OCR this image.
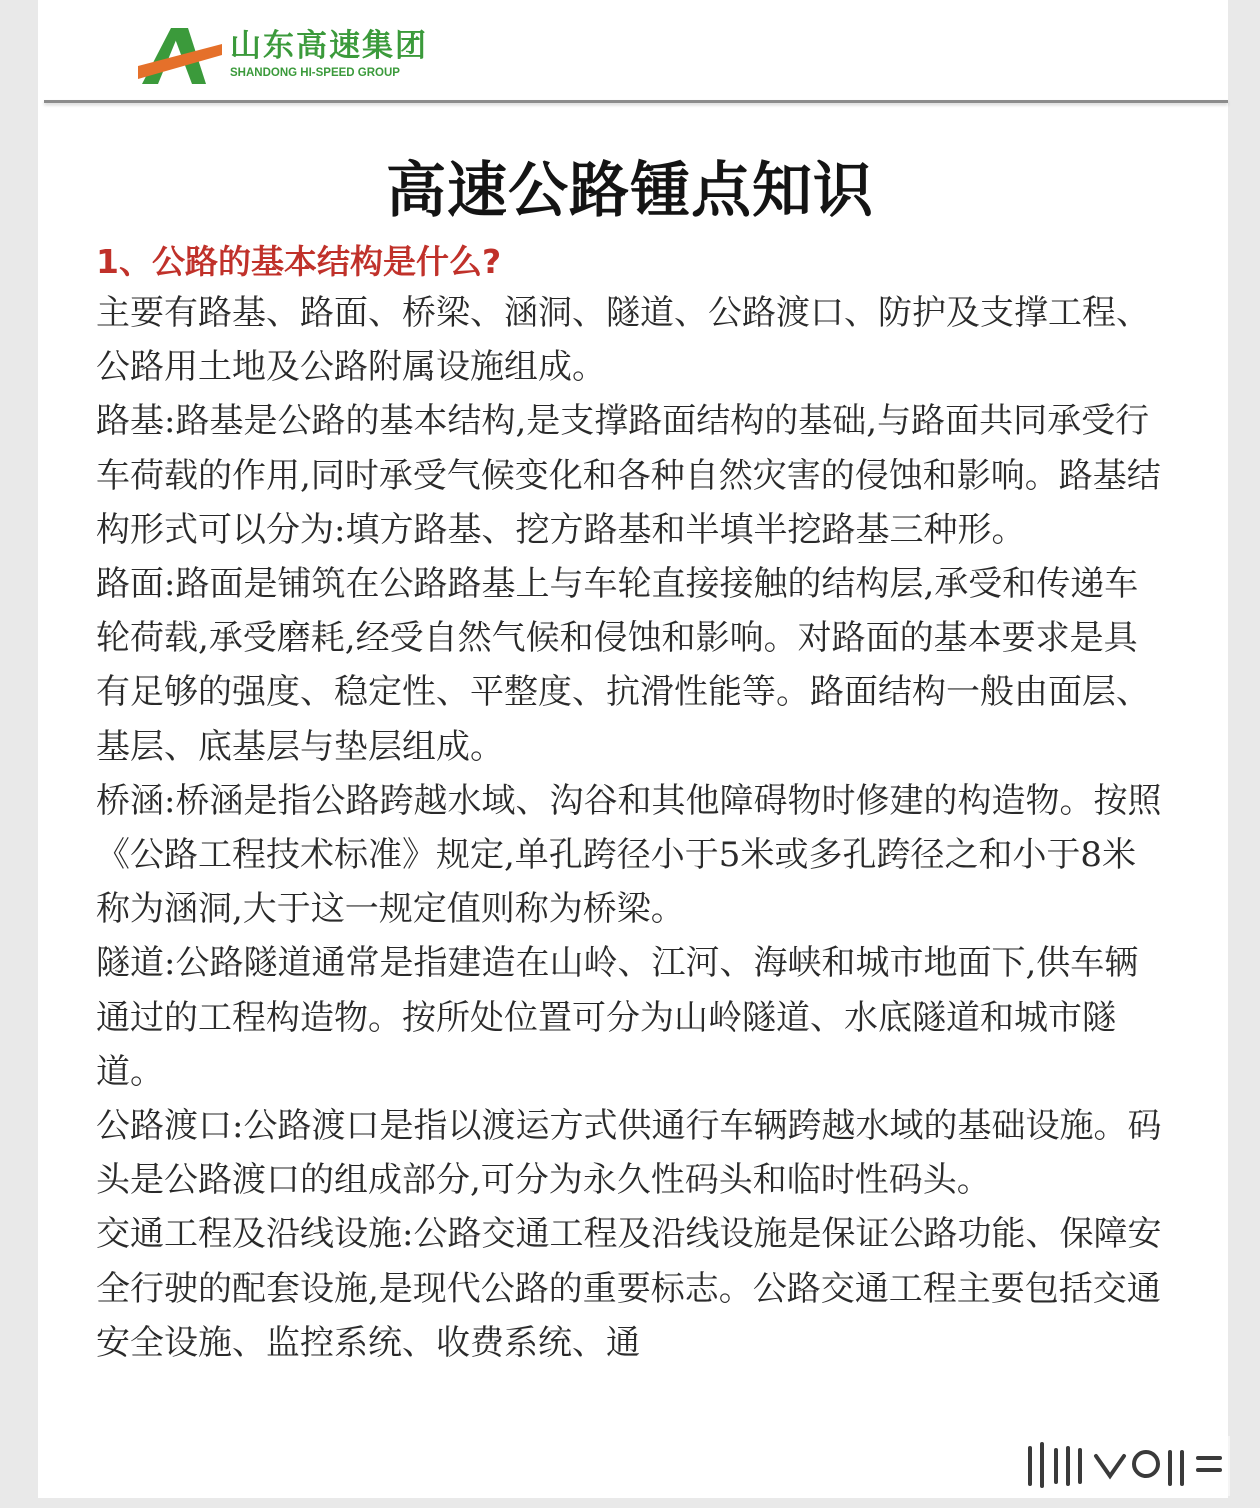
山东高速集团
SHANDONG HI-SPEED GROUP
高速公路锺点知识
1、公路的基本结构是什么?

主要有路基、路面、桥梁、涵洞、隧道、公路渡口、防护及支撑工程、公路用土地及公路附属设施组成。

路基:路基是公路的基本结构,是支撑路面结构的基础,与路面共同承受行车荷载的作用,同时承受气候变化和各种自然灾害的侵蚀和影响。路基结构形式可以分为:填方路基、挖方路基和半填半挖路基三种形。

路面:路面是铺筑在公路路基上与车轮直接接触的结构层,承受和传递车轮荷载,承受磨耗,经受自然气候和侵蚀和影响。对路面的基本要求是具有足够的强度、稳定性、平整度、抗滑性能等。路面结构一般由面层、基层、底基层与垫层组成。

桥涵:桥涵是指公路跨越水域、沟谷和其他障碍物时修建的构造物。按照《公路工程技术标准》规定,单孔跨径小于5米或多孔跨径之和小于8米称为涵洞,大于这一规定值则称为桥梁。

隧道:公路隧道通常是指建造在山岭、江河、海峡和城市地面下,供车辆通过的工程构造物。按所处位置可分为山岭隧道、水底隧道和城市隧道。

公路渡口:公路渡口是指以渡运方式供通行车辆跨越水域的基础设施。码头是公路渡口的组成部分,可分为永久性码头和临时性码头。

交通工程及沿线设施:公路交通工程及沿线设施是保证公路功能、保障安全行驶的配套设施,是现代公路的重要标志。公路交通工程主要包括交通安全设施、监控系统、收费系统、通
